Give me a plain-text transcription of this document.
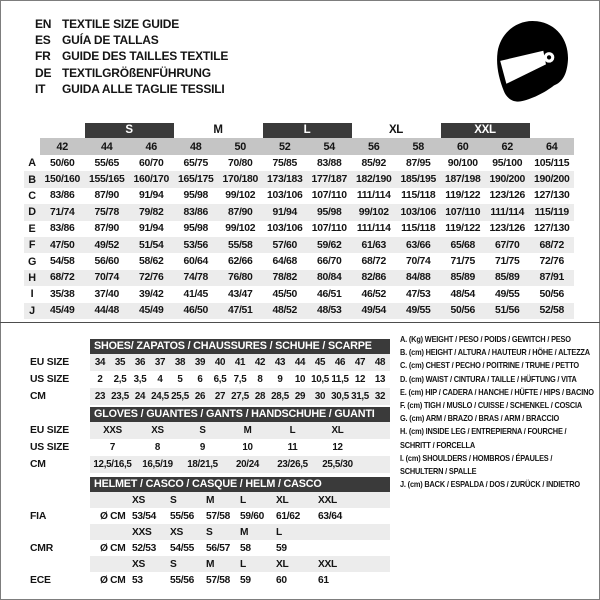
EN TEXTILE SIZE GUIDE
ES GUÍA DE TALLAS
FR GUIDE DES TAILLES TEXTILE
DE TEXTILGRÖßENFÜHRUNG
IT	GUIDA ALLE TAGLIE TESSILI
S	M	L	XL	XXL
42	44	46	48	50	52	54	56	58	60	62	64
A	50/60	55/65	60/70	65/75	70/80	75/85	83/88	85/92	87/95	90/100	95/100	105/115
B 150/160 155/165 160/170 165/175 170/180 173/183 177/187 182/190 185/195 187/198 190/200 190/200
C	83/86	87/90	91/94	95/98	99/102	103/106 107/110 111/114	115/118 119/122 123/126 127/130
D	71/74	75/78	79/82	83/86	87/90	91/94	95/98	99/102	103/106 107/110 111/114	115/119
E	83/86	87/90	91/94	95/98	99/102	103/106 107/110 111/114	115/118 119/122 123/126 127/130
F	47/50	49/52	51/54	53/56	55/58	57/60	59/62	61/63	63/66	65/68	67/70	68/72
G	54/58	56/60	58/62	60/64	62/66	64/68	66/70	68/72	70/74	71/75	71/75	72/76
H	68/72	70/74	72/76	74/78	76/80	78/82	80/84	82/86	84/88	85/89	85/89	87/91
I	35/38	37/40	39/42	41/45	43/47	45/50	46/51	46/52	47/53	48/54	49/55	50/56
J	45/49	44/48	45/49	46/50	47/51	48/52	48/53	49/54	49/55	50/56	51/56	52/58
SHOES/ ZAPATOS / CHAUSSURES / SCHUHE / SCARPE
EU SIZE	34 35 36 37 38 39 40 41 42 43 44 45 46 47 48
US SIZE	2	2,5 3,5	4	5	6	6,5 7,5	8	9	10 10,5 11,5 12 13
CM	23 23,5 24 24,5 25,5 26 27 27,5 28 28,5 29 30 30,5 31,5 32
GLOVES / GUANTES / GANTS / HANDSCHUHE / GUANTI
EU SIZE	XXS	XS	S	M	L	XL
US SIZE	7	8	9	10	11	12
CM	12,5/16,5	16,5/19	18/21,5	20/24	23/26,5	25,5/30
HELMET / CASCO / CASQUE / HELM / CASCO
XS	S	M	L	XL	XXL
FIA	Ø CM 53/54	55/56	57/58 59/60	61/62	63/64
XXS	XS	S	M	L
CMR	Ø CM 52/53	54/55	56/57 58	59
XS	S	M	L	XL	XXL
ECE	Ø CM 53	55/56	57/58 59	60	61
A. (Kg) WEIGHT / PESO / POIDS / GEWITCH / PESO
B. (cm) HEIGHT / ALTURA / HAUTEUR / HÖHE / ALTEZZA
C. (cm) CHEST / PECHO / POITRINE / TRUHE / PETTO
D. (cm) WAIST / CINTURA / TAILLE / HÜFTUNG / VITA
E. (cm) HIP / CADERA / HANCHE / HÜFTE / HIPS / BACINO
F. (cm) TIGH / MUSLO / CUISSE / SCHENKEL / COSCIA
G. (cm) ARM / BRAZO / BRAS / ARM / BRACCIO
H. (cm) INSIDE LEG / ENTREPIERNA / FOURCHE / SCHRITT / FORCELLA
I. (cm) SHOULDERS / HOMBROS / ÉPAULES / SCHULTERN / SPALLE
J. (cm) BACK / ESPALDA / DOS / ZURÜCK / INDIETRO
